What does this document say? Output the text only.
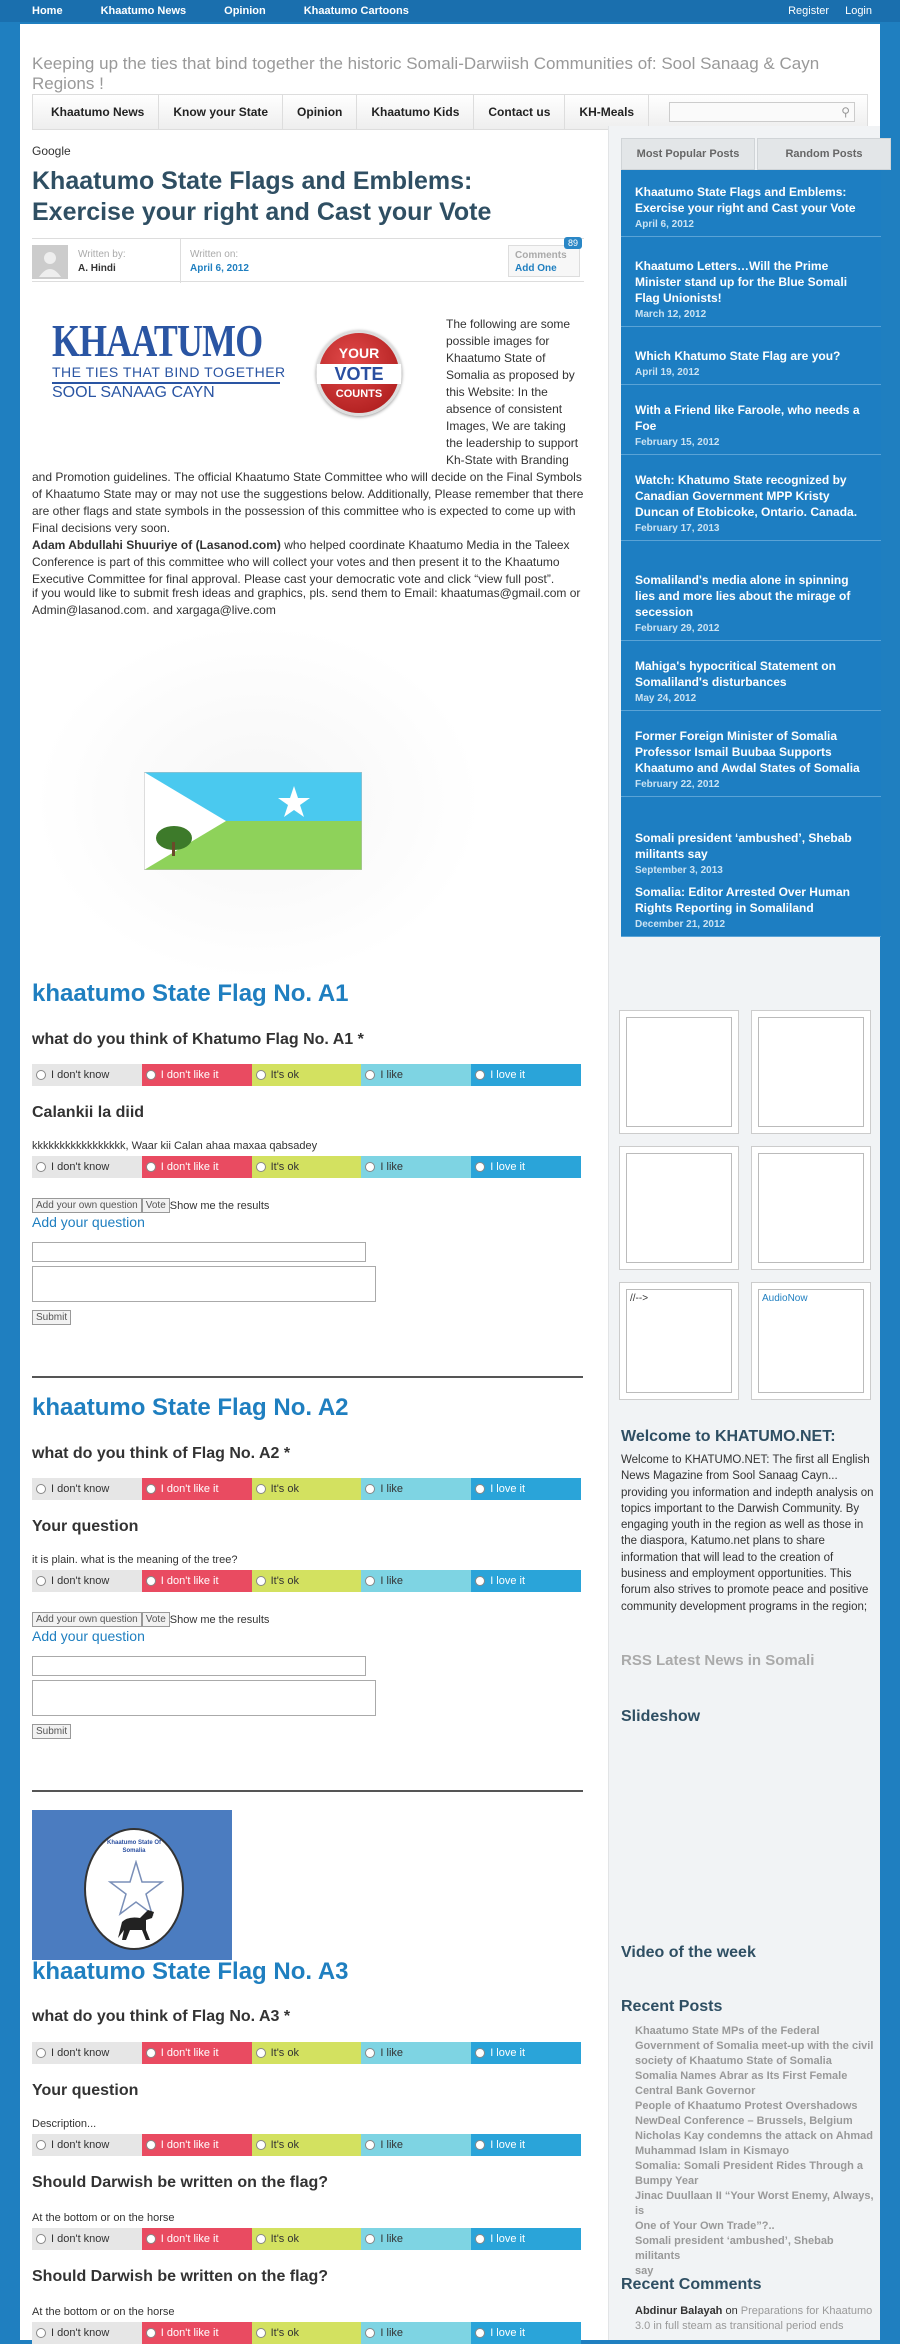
Home	Khaatumo News	Opinion	Khaatumo Cartoons	Register Login
Keeping up the ties that bind together the historic Somali-Darwiish Communities of: Sool Sanaag & Cayn Regions !
Khaatumo News	Know your State	Opinion	Khaatumo Kids	Contact us	KH-Meals	⚲
Google
Khaatumo State Flags and Emblems:
Exercise your right and Cast your Vote
Written by:
A. Hindi
Written on:
April 6, 2012
Comments
Add One
89
KHAATUMO
THE TIES THAT BIND TOGETHER
SOOL SANAAG CAYN
YOUR
VOTE
COUNTS
The following are some
possible images for
Khaatumo State of
Somalia as proposed by
this Website: In the
absence of consistent
Images, We are taking
the leadership to support
Kh-State with Branding
and Promotion guidelines. The official Khaatumo State Committee who will decide on the Final Symbols
of Khaatumo State may or may not use the suggestions below. Additionally, Please remember that there
are other flags and state symbols in the possession of this committee who is expected to come up with
Final decisions very soon.
Adam Abdullahi Shuuriye of (Lasanod.com) who helped coordinate Khaatumo Media in the Taleex
Conference is part of this committee who will collect your votes and then present it to the Khaatumo
Executive Committee for final approval. Please cast your democratic vote and click “view full post”.
if you would like to submit fresh ideas and graphics, pls. send them to Email: khaatumas@gmail.com or
Admin@lasanod.com. and xargaga@live.com
khaatumo State Flag No. A1
what do you think of Khatumo Flag No. A1 *
I don't know	I don't like it	It's ok	I like	I love it
Calankii la diid
kkkkkkkkkkkkkkkkk, Waar kii Calan ahaa maxaa qabsadey
I don't know	I don't like it	It's ok	I like	I love it
Add your own question Vote Show me the results
Add your question
Submit
khaatumo State Flag No. A2
what do you think of Flag No. A2 *
I don't know	I don't like it	It's ok	I like	I love it
Your question
it is plain. what is the meaning of the tree?
I don't know	I don't like it	It's ok	I like	I love it
Add your own question Vote Show me the results
Add your question
Submit
Khaatumo State Of
Somalia
khaatumo State Flag No. A3
what do you think of Flag No. A3 *
I don't know	I don't like it	It's ok	I like	I love it
Your question
Description...
I don't know	I don't like it	It's ok	I like	I love it
Should Darwish be written on the flag?
At the bottom or on the horse
I don't know	I don't like it	It's ok	I like	I love it
Should Darwish be written on the flag?
At the bottom or on the horse
I don't know	I don't like it	It's ok	I like	I love it
Most Popular Posts	Random Posts
Khaatumo State Flags and Emblems: Exercise your right and Cast your Vote
April 6, 2012
Khaatumo Letters…Will the Prime Minister stand up for the Blue Somali Flag Unionists!
March 12, 2012
Which Khatumo State Flag are you?
April 19, 2012
With a Friend like Faroole, who needs a Foe
February 15, 2012
Watch: Khatumo State recognized by Canadian Government MPP Kristy Duncan of Etobicoke, Ontario. Canada.
February 17, 2013
Somaliland's media alone in spinning lies and more lies about the mirage of secession
February 29, 2012
Mahiga's hypocritical Statement on Somaliland's disturbances
May 24, 2012
Former Foreign Minister of Somalia Professor Ismail Buubaa Supports Khaatumo and Awdal States of Somalia
February 22, 2012
Somali president ‘ambushed’, Shebab militants say
September 3, 2013
Somalia: Editor Arrested Over Human Rights Reporting in Somaliland
December 21, 2012
//-->	AudioNow
Welcome to KHATUMO.NET:
Welcome to KHATUMO.NET: The first all English
News Magazine from Sool Sanaag Cayn...
providing you information and indepth analysis on
topics important to the Darwish Community. By
engaging youth in the region as well as those in
the diaspora, Katumo.net plans to share
information that will lead to the creation of
business and employment opportunities. This
forum also strives to promote peace and positive
community development programs in the region;
RSS Latest News in Somali
Slideshow
Video of the week
Recent Posts
Khaatumo State MPs of the Federal
Government of Somalia meet-up with the civil
society of Khaatumo State of Somalia
Somalia Names Abrar as Its First Female
Central Bank Governor
People of Khaatumo Protest Overshadows
NewDeal Conference – Brussels, Belgium
Nicholas Kay condemns the attack on Ahmad
Muhammad Islam in Kismayo
Somalia: Somali President Rides Through a
Bumpy Year
Jinac Duullaan II “Your Worst Enemy, Always, is
One of Your Own Trade”?..
Somali president ‘ambushed’, Shebab militants
say
Recent Comments
Abdinur Balayah on Preparations for Khaatumo
3.0 in full steam as transitional period ends
